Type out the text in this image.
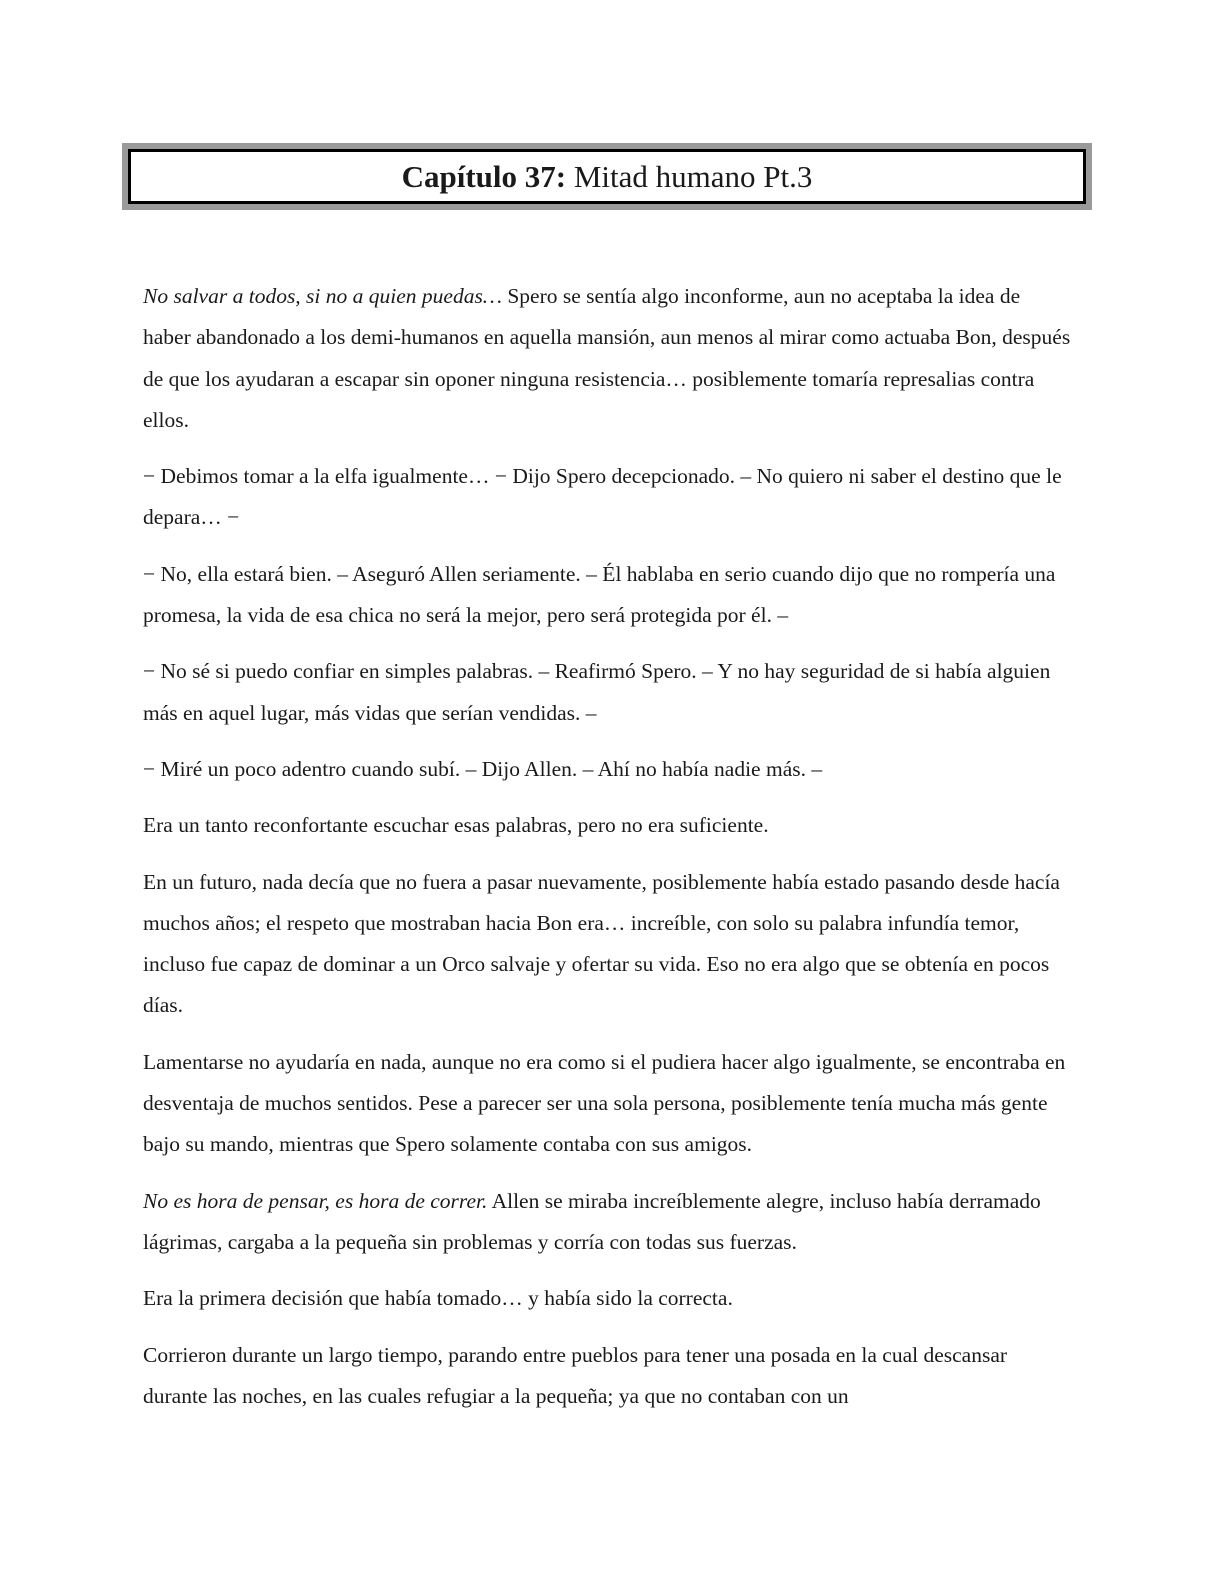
Capítulo 37: Mitad humano Pt.3

No salvar a todos, si no a quien puedas… Spero se sentía algo inconforme, aun no aceptaba la idea de haber abandonado a los demi-humanos en aquella mansión, aun menos al mirar como actuaba Bon, después de que los ayudaran a escapar sin oponer ninguna resistencia… posiblemente tomaría represalias contra ellos.

− Debimos tomar a la elfa igualmente… − Dijo Spero decepcionado. – No quiero ni saber el destino que le depara… −

− No, ella estará bien. – Aseguró Allen seriamente. – Él hablaba en serio cuando dijo que no rompería una promesa, la vida de esa chica no será la mejor, pero será protegida por él. –

− No sé si puedo confiar en simples palabras. – Reafirmó Spero. – Y no hay seguridad de si había alguien más en aquel lugar, más vidas que serían vendidas. –

− Miré un poco adentro cuando subí. – Dijo Allen. – Ahí no había nadie más. –

Era un tanto reconfortante escuchar esas palabras, pero no era suficiente.

En un futuro, nada decía que no fuera a pasar nuevamente, posiblemente había estado pasando desde hacía muchos años; el respeto que mostraban hacia Bon era… increíble, con solo su palabra infundía temor, incluso fue capaz de dominar a un Orco salvaje y ofertar su vida. Eso no era algo que se obtenía en pocos días.

Lamentarse no ayudaría en nada, aunque no era como si el pudiera hacer algo igualmente, se encontraba en desventaja de muchos sentidos. Pese a parecer ser una sola persona, posiblemente tenía mucha más gente bajo su mando, mientras que Spero solamente contaba con sus amigos.

No es hora de pensar, es hora de correr. Allen se miraba increíblemente alegre, incluso había derramado lágrimas, cargaba a la pequeña sin problemas y corría con todas sus fuerzas.

Era la primera decisión que había tomado… y había sido la correcta.

Corrieron durante un largo tiempo, parando entre pueblos para tener una posada en la cual descansar durante las noches, en las cuales refugiar a la pequeña; ya que no contaban con un
